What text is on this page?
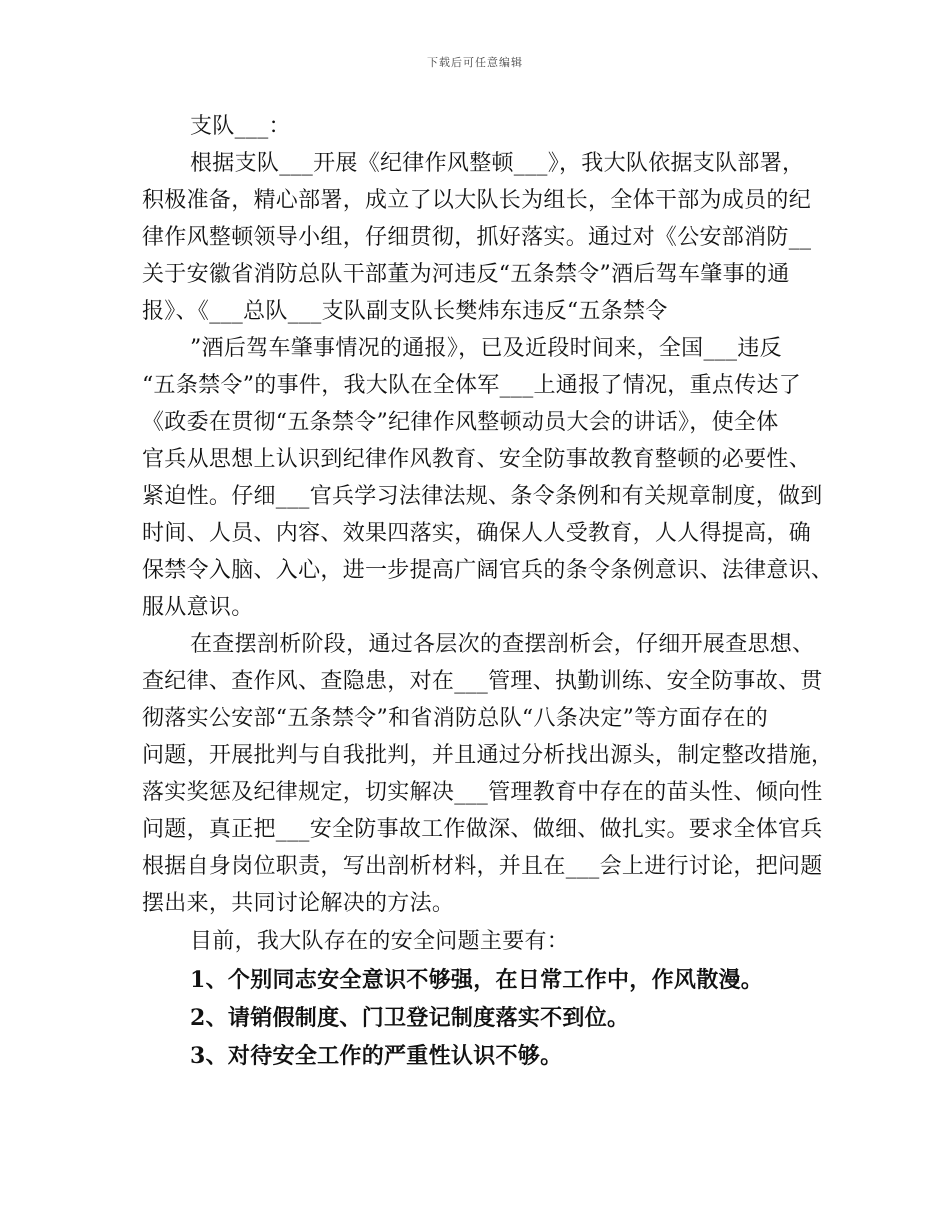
下载后可任意编辑
支队___：
根据支队___开展《纪律作风整顿___》，我大队依据支队部署，
积极准备，精心部署，成立了以大队长为组长，全体干部为成员的纪
律作风整顿领导小组，仔细贯彻，抓好落实。通过对《公安部消防__
关于安徽省消防总队干部董为河违反“五条禁令”酒后驾车肇事的通
报》、《___总队___支队副支队长樊炜东违反“五条禁令
”酒后驾车肇事情况的通报》，已及近段时间来，全国___违反
“五条禁令”的事件，我大队在全体军___上通报了情况，重点传达了
《政委在贯彻“五条禁令”纪律作风整顿动员大会的讲话》，使全体
官兵从思想上认识到纪律作风教育、安全防事故教育整顿的必要性、
紧迫性。仔细___官兵学习法律法规、条令条例和有关规章制度，做到
时间、人员、内容、效果四落实，确保人人受教育，人人得提高，确
保禁令入脑、入心，进一步提高广阔官兵的条令条例意识、法律意识、
服从意识。
在查摆剖析阶段，通过各层次的查摆剖析会，仔细开展查思想、
查纪律、查作风、查隐患，对在___管理、执勤训练、安全防事故、贯
彻落实公安部“五条禁令”和省消防总队“八条决定”等方面存在的
问题，开展批判与自我批判，并且通过分析找出源头，制定整改措施，
落实奖惩及纪律规定，切实解决___管理教育中存在的苗头性、倾向性
问题，真正把___安全防事故工作做深、做细、做扎实。要求全体官兵
根据自身岗位职责，写出剖析材料，并且在___会上进行讨论，把问题
摆出来，共同讨论解决的方法。
目前，我大队存在的安全问题主要有：
1、个别同志安全意识不够强，在日常工作中，作风散漫。
2、请销假制度、门卫登记制度落实不到位。
3、对待安全工作的严重性认识不够。
